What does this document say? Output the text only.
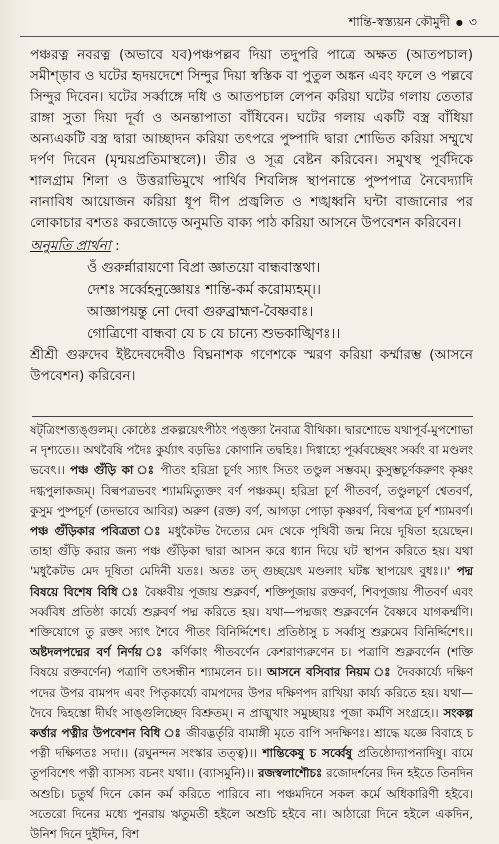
শান্তি-স্বস্ত্যয়ন কৌমুদী ● ৩

পঞ্চরত্ন নবরত্ন (অভাবে যব)পঞ্চপল্লব দিয়া তদুপরি পাত্রে অক্ষত (আতপচাল) সমীশ্‌ড়াব ও ঘটের হৃদয়দেশে সিন্দুর দিয়া স্বস্তিক বা পুতুল অঙ্কন এবং ফলে ও পল্লবে সিন্দুর দিবেন। ঘটের সর্ব্বাঙ্গে দধি ও আতপচাল লেপন করিয়া ঘটের গলায় তেতার রাঙ্গা সুতা দিয়া দূর্বা ও অনন্তাপাতা বাঁধিবেন। ঘটের গলায় একটি বস্ত্র বাঁধিয়া অন্যএকটি বস্ত্র দ্বারা আচ্ছাদন করিয়া তৎপরে পুষ্পাদি দ্বারা শোভিত করিয়া সম্মুখে দর্পণ দিবেন (মৃন্ময়প্রতিমাস্থলে)। তীর ও সূত্র বেষ্টন করিবেন। সমুখস্থ পূর্বদিকে শালগ্রাম শিলা ও উত্তরাভিমুখে পার্থিব শিবলিঙ্গ স্থাপনান্তে পুষ্পপাত্র নৈবেদ্যাদি নানাবিধ আয়োজন করিয়া ধূপ দীপ প্রজ্বলিত ও শঙ্খধ্বনি ঘন্টা বাজানোর পর লোকাচার বশতঃ করজোড়ে অনুমতি বাক্য পাঠ করিয়া আসনে উপবেশন করিবেন।

অনুমতি প্রার্থনা :
ওঁ গুরুর্ন্নারায়ণো বিপ্রা জ্ঞাতয়ো বান্ধবাস্তথা।
দেশঃ সর্ব্বেহনুজ্ঞোয়ঃ শান্তি-কর্ম করোম্যহম্।।
আজ্ঞাপয়ন্তু নো দেবা গুরুব্র্রাহ্মণ-বৈষ্ণবাঃ।
গোত্রিণো বান্ধবা যে চ যে চান্যে শুভকাঙ্খিণঃ।।

শ্রীশ্রী গুরুদেব ইষ্টদেবদেবীও বিঘ্ননাশক গণেশকে স্মরণ করিয়া কর্ম্মারম্ভ (আসনে উপবেশন) করিবেন।

ষট্‌ত্রিংশত্ত্যঙ্গুলম্‌। কোষ্ঠেঃ প্রকল্পয়েৎপীঠং পঙ্‌ক্ত্যা নৈবাত্র বীথিকা। দ্বারশোভে যথাপূর্ব-মুপশোভা ন দৃশ্যতে।। অথবৈষি পদৈঃ কুর্য্যাৎ বড়ভিঃ কোণানি তদ্বহিঃ। দিগ্বাহ্যে পূর্ব্ববচ্ছেষং সর্ব্বং বা মণ্ডলং ভবেৎ।। পঞ্চ গুঁড়ি কা ঃ পীতং হরিদ্রা চূর্ণং স্যাৎ সিতং তণ্ডুল সম্ভবম্। কুসুম্ভচূর্ণকরুণং কৃষ্ণং দগ্ধপুলাকজম্। বিল্বপত্রভবং শ্যামমিত্যুক্তং বর্ণ পঞ্চকম্। হরিদ্রা চূর্ণ পীতবর্ণ, তণ্ডুলচূর্ণ শ্বেতবর্ণ, কুসুম পুষ্পচূর্ণ (তদভাবে আবির) অরুণ (রক্ত) বর্ণ, আগড়া পোড়া কৃষ্ণবর্ণ, বিল্বপত্র চূর্ণ শ্যামবর্ণ। পঞ্চ গুঁড়িকার পবিত্রতা ঃ মধুকৈটভ দৈত্যের মেদ থেকে পৃথিবী জন্ম নিয়ে দূষিতা হয়েছেন। তাহা গুঁড়ি করার জন্য পঞ্চ গুঁড়িকা দ্বারা আসন করে ধ্যান দিয়ে ঘট স্থাপন করিতে হয়। যথা 'মধুকৈটভ মেদ দূষিতা মেদিনী যতঃ। অতঃ তদ্‌ গুচ্ছয়েৎ মণ্ডলাং ঘটঙ্ক স্থাপয়েৎ বুধঃ।।' পদ্ম বিষয়ে বিশেষ বিধি ঃ বৈষ্ণবীয় পূজায় শুক্লবর্ণ, শক্তিপূজায় রক্তবর্ণ, শিবপূজায় পীতবর্ণ এবং সর্ব্ববিধ প্রতিষ্ঠা কার্য্যে শুক্লবর্ণ পদ্ম করিতে হয়। যথা—পদ্মজং শুক্লবর্ণেন বৈষ্ণবে যাগকর্ম্মণি। শক্তিযোগে তু রক্তং স্যাৎ শৈবে পীতং বিনির্দ্দিশেৎ। প্রতিষ্ঠাসু চ সর্ব্বাসু শুক্লমেব বিনির্দ্দিশেৎ।। অষ্টদলপদ্মের বর্ণ নির্ণয় ঃ কর্ণিকাং পীতবর্ণেন কেশরাণ্যরুণেন চ। পত্রাণি শুক্লবর্ণেন (শক্তি বিষয়ে রক্তবর্ণেন) পত্রাণি তৎসন্ধীন শ্যামলেন চ।। আসনে বসিবার নিয়ম ঃ দৈবকার্য্যে দক্ষিণ পদের উপর বামপদ এবং পিতৃকার্য্যে বামপদের উপর দক্ষিণপদ রাখিয়া কার্য্য করিতে হয়। যথা—দৈবে দ্বিহস্তো দীর্ঘং সাঙ্গুলিচ্ছেদ বিশ্রুতম্। ন প্রাঙ্মুখাং সমুচ্ছায়ঃ পূজা কর্মণি সংগ্রহে।। সংকল্প কর্ত্তার পত্নীর উপবেশন বিধি ঃ জীবদ্ভর্তৃরি বামাঙ্গী মৃতে বাপি সদক্ষিণঃ। শ্রাদ্ধে যজ্ঞে বিবাহে চ পত্নী দক্ষিণতঃ সদা।। (রঘুনন্দন সংস্কার তত্ত্ব)।। শান্তিকেষু চ সর্ব্বেষু প্রতিষ্ঠোদ্যাপনাদিষু। বামে তূপবিশেৎ পত্নী ব্যাসস্য বচনং যথা।। (ব্যাসমুনি)।। রজস্বলাশৌচঃ রজোদর্শনের দিন হইতে তিনদিন অশুচি। চতুর্থ দিনে কোন কর্ম করিতে পারিবে না। পঞ্চমদিনে সকল কর্মে অধিকারিণী হইবে। সতেরো দিনের মধ্যে পুনরায় ঋতুমতী হইলে অশুচি হইবে না। আঠারো দিনে হইলে একদিন, উনিশ দিনে দুইদিন, বিশ
